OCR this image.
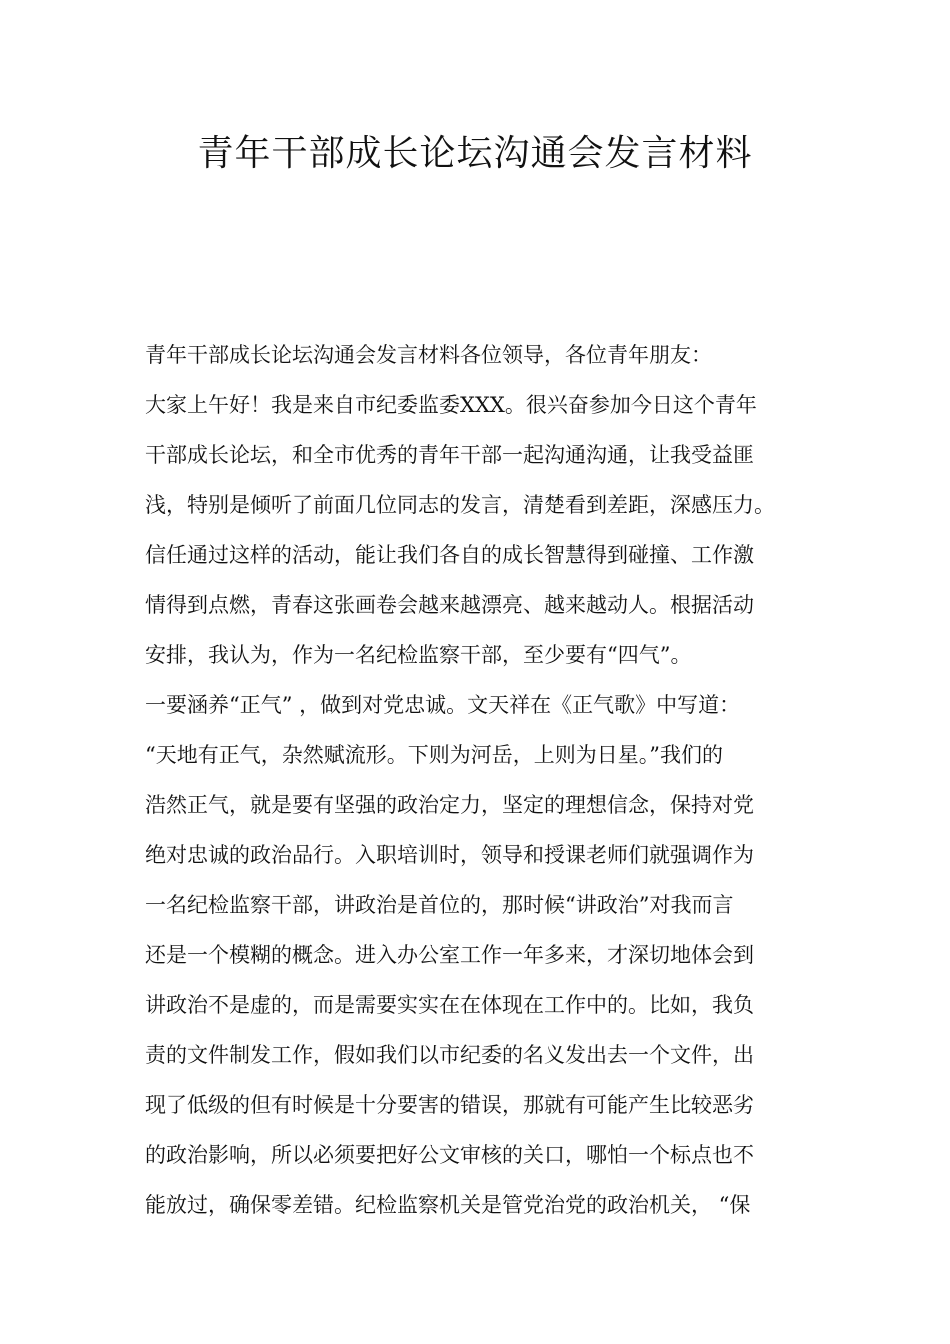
青年干部成长论坛沟通会发言材料
青年干部成长论坛沟通会发言材料各位领导，各位青年朋友：
大家上午好！我是来自市纪委监委XXX。很兴奋参加今日这个青年
干部成长论坛，和全市优秀的青年干部一起沟通沟通，让我受益匪
浅，特别是倾听了前面几位同志的发言，清楚看到差距，深感压力。
信任通过这样的活动，能让我们各自的成长智慧得到碰撞、工作激
情得到点燃，青春这张画卷会越来越漂亮、越来越动人。根据活动
安排，我认为，作为一名纪检监察干部，至少要有“四气”。
一要涵养“正气” ，做到对党忠诚。文天祥在《正气歌》中写道：
“天地有正气，杂然赋流形。下则为河岳，上则为日星。”我们的
浩然正气，就是要有坚强的政治定力，坚定的理想信念，保持对党
绝对忠诚的政治品行。入职培训时，领导和授课老师们就强调作为
一名纪检监察干部，讲政治是首位的，那时候“讲政治”对我而言
还是一个模糊的概念。进入办公室工作一年多来，才深切地体会到
讲政治不是虚的，而是需要实实在在体现在工作中的。比如，我负
责的文件制发工作，假如我们以市纪委的名义发出去一个文件，出
现了低级的但有时候是十分要害的错误，那就有可能产生比较恶劣
的政治影响，所以必须要把好公文审核的关口，哪怕一个标点也不
能放过，确保零差错。纪检监察机关是管党治党的政治机关， “保
